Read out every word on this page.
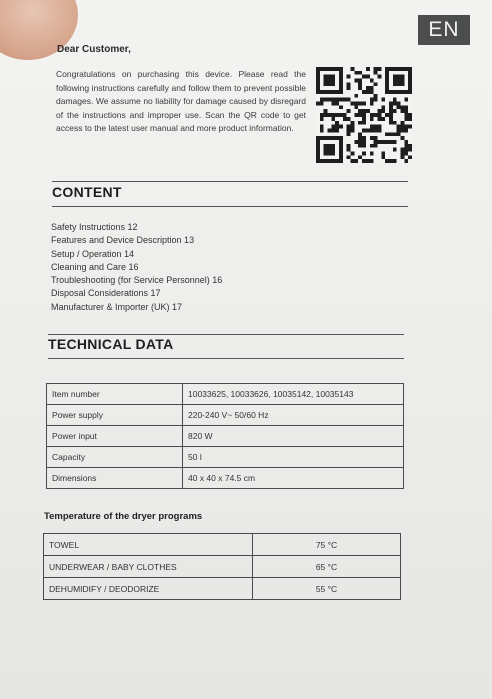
EN
Dear Customer,
Congratulations on purchasing this device. Please read the following instructions carefully and follow them to prevent possible damages. We assume no liability for damage caused by disregard of the instructions and improper use. Scan the QR code to get access to the latest user manual and more product information.
CONTENT
Safety Instructions 12
Features and Device Description 13
Setup / Operation 14
Cleaning and Care 16
Troubleshooting (for Service Personnel) 16
Disposal Considerations 17
Manufacturer & Importer (UK) 17
TECHNICAL DATA
Item number	10033625, 10033626, 10035142, 10035143
Power supply	220-240 V~ 50/60 Hz
Power input	820 W
Capacity	50 l
Dimensions	40 x 40 x 74.5 cm
Temperature of the dryer programs
TOWEL	75 °C
UNDERWEAR / BABY CLOTHES	65 °C
DEHUMIDIFY / DEODORIZE	55 °C
